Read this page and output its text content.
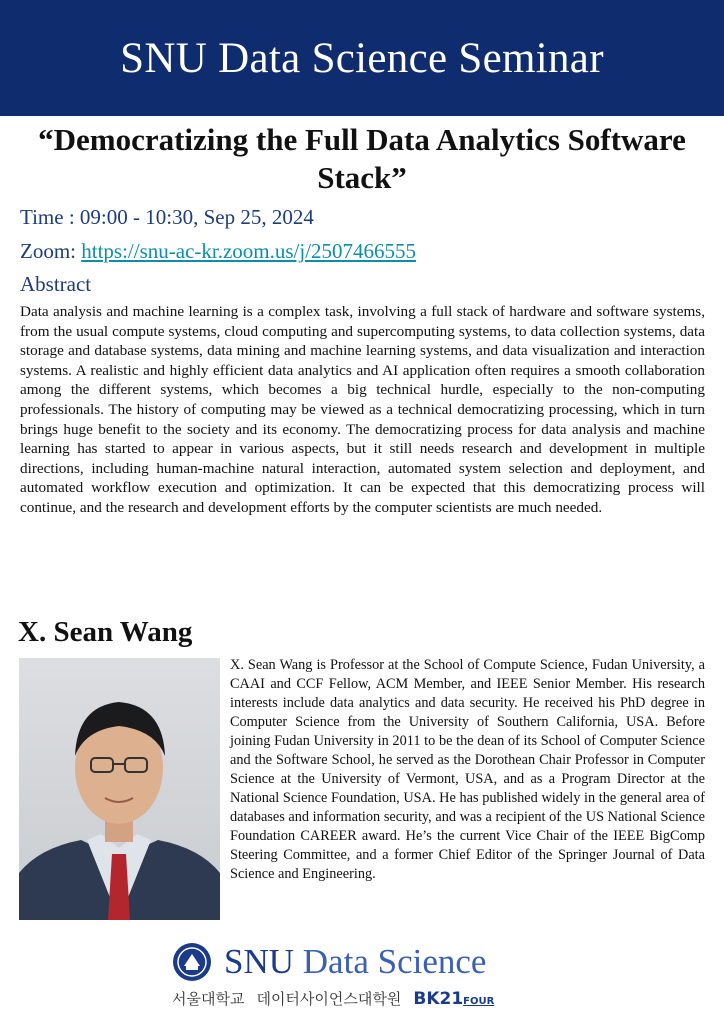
SNU Data Science Seminar
“Democratizing the Full Data Analytics Software Stack”
Time : 09:00 - 10:30, Sep 25, 2024
Zoom: https://snu-ac-kr.zoom.us/j/2507466555
Abstract
Data analysis and machine learning is a complex task, involving a full stack of hardware and software systems, from the usual compute systems, cloud computing and supercomputing systems, to data collection systems, data storage and database systems, data mining and machine learning systems, and data visualization and interaction systems. A realistic and highly efficient data analytics and AI application often requires a smooth collaboration among the different systems, which becomes a big technical hurdle, especially to the non-computing professionals. The history of computing may be viewed as a technical democratizing processing, which in turn brings huge benefit to the society and its economy. The democratizing process for data analysis and machine learning has started to appear in various aspects, but it still needs research and development in multiple directions, including human-machine natural interaction, automated system selection and deployment, and automated workflow execution and optimization. It can be expected that this democratizing process will continue, and the research and development efforts by the computer scientists are much needed.
X. Sean Wang
X. Sean Wang is Professor at the School of Compute Science, Fudan University, a CAAI and CCF Fellow, ACM Member, and IEEE Senior Member. His research interests include data analytics and data security. He received his PhD degree in Computer Science from the University of Southern California, USA. Before joining Fudan University in 2011 to be the dean of its School of Computer Science and the Software School, he served as the Dorothean Chair Professor in Computer Science at the University of Vermont, USA, and as a Program Director at the National Science Foundation, USA. He has published widely in the general area of databases and information security, and was a recipient of the US National Science Foundation CAREER award. He’s the current Vice Chair of the IEEE BigComp Steering Committee, and a former Chief Editor of the Springer Journal of Data Science and Engineering.
SNU Data Science
서울대학교 데이터사이언스대학원 BK21FOUR
